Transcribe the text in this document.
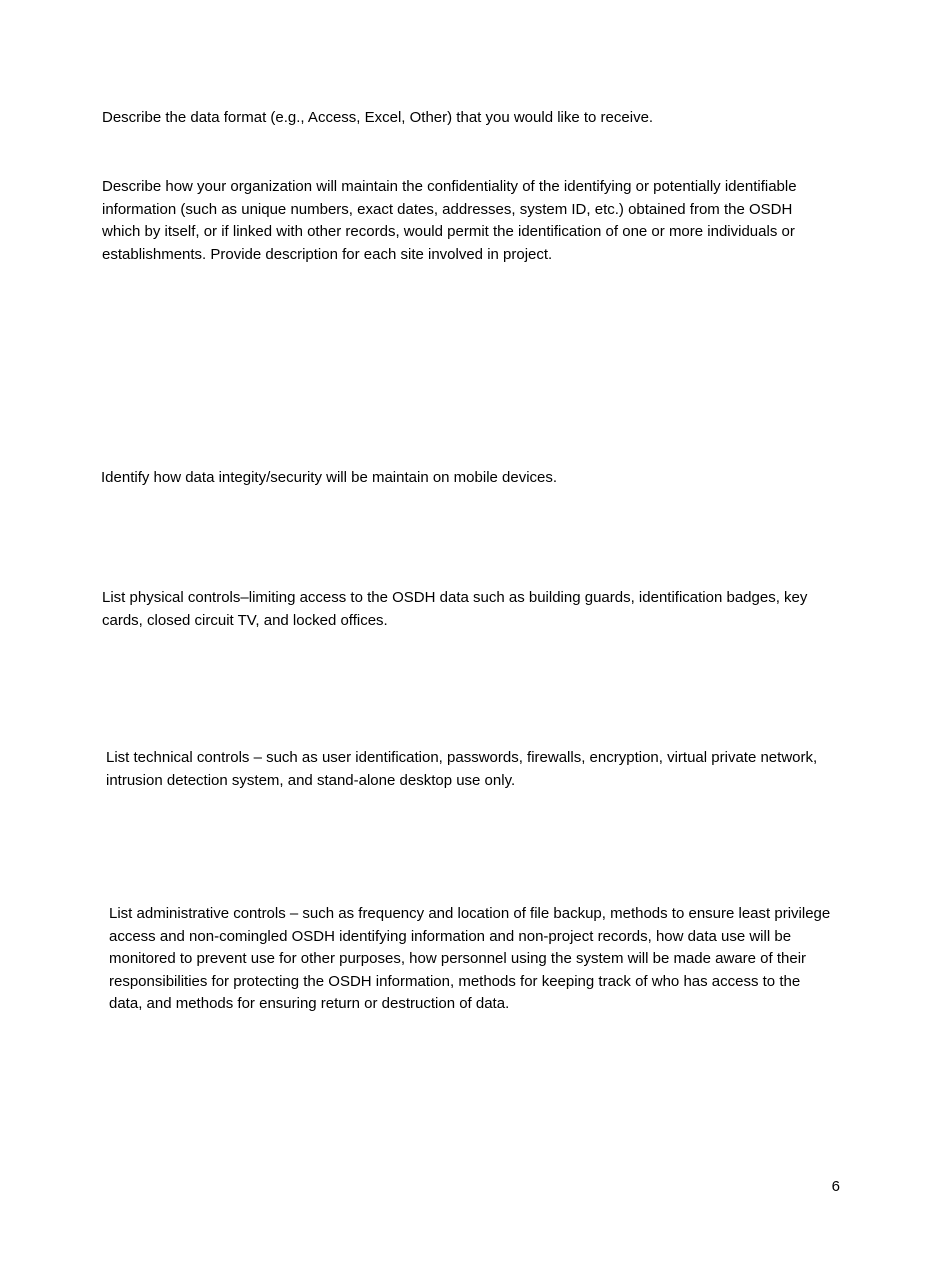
Describe the data format (e.g., Access, Excel, Other) that you would like to receive.

Describe how your organization will maintain the confidentiality of the identifying or potentially identifiable information (such as unique numbers, exact dates, addresses, system ID, etc.) obtained from the OSDH which by itself, or if linked with other records, would permit the identification of one or more individuals or establishments. Provide description for each site involved in project.

Identify how data integity/security will be maintain on mobile devices.

List physical controls–limiting access to the OSDH data such as building guards, identification badges, key cards, closed circuit TV, and locked offices.

List technical controls – such as user identification, passwords, firewalls, encryption, virtual private network, intrusion detection system, and stand-alone desktop use only.

List administrative controls – such as frequency and location of file backup, methods to ensure least privilege access and non-comingled OSDH identifying information and non-project records, how data use will be monitored to prevent use for other purposes, how personnel using the system will be made aware of their responsibilities for protecting the OSDH information, methods for keeping track of who has access to the data, and methods for ensuring return or destruction of data.

6
